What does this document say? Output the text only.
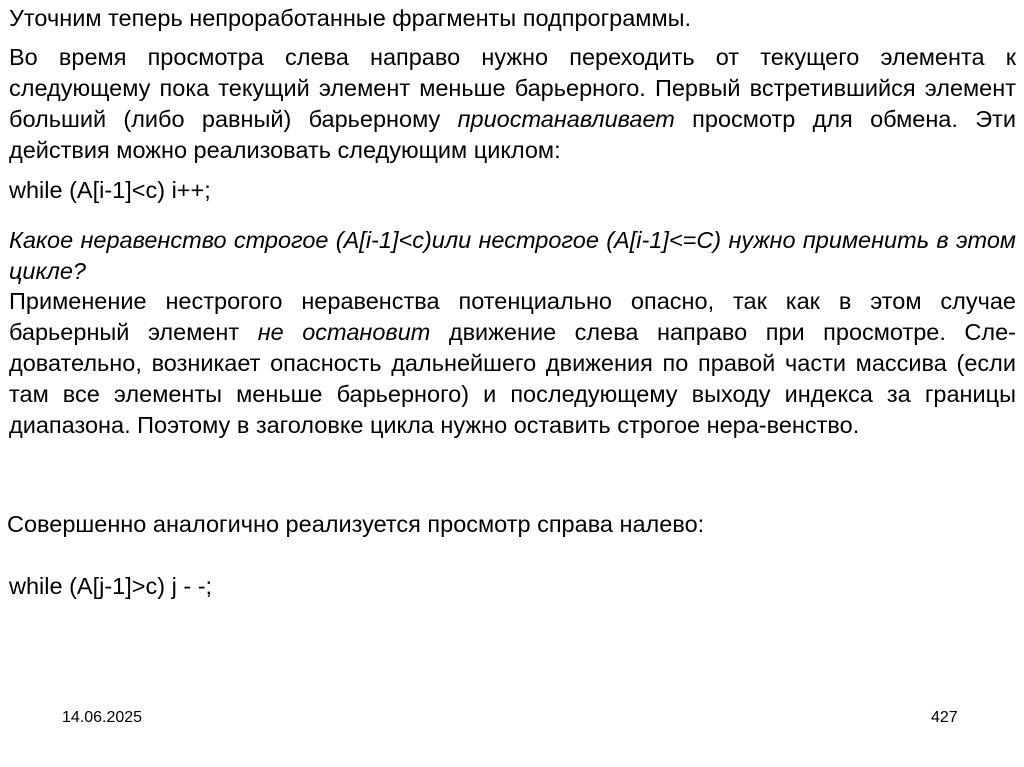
Уточним теперь непроработанные фрагменты подпрограммы.

Во время просмотра слева направо нужно переходить от текущего элемента к следующему пока текущий элемент меньше барьерного. Первый встретившийся элемент больший (либо равный) барьерному приостанавливает просмотр для обмена. Эти действия можно реализовать следующим циклом:

while (A[i-1]<c) i++;

Какое неравенство строгое (A[i-1]<c)или нестрогое (A[i-1]<=C) нужно применить в этом цикле?

Применение нестрогого неравенства потенциально опасно, так как в этом случае барьерный элемент не остановит движение слева направо при просмотре. Сле-довательно, возникает опасность дальнейшего движения по правой части массива (если там все элементы меньше барьерного) и последующему выходу индекса за границы диапазона. Поэтому в заголовке цикла нужно оставить строгое нера-венство.

Совершенно аналогично реализуется просмотр справа налево:

while (A[j-1]>c) j - -;

14.06.2025	427
